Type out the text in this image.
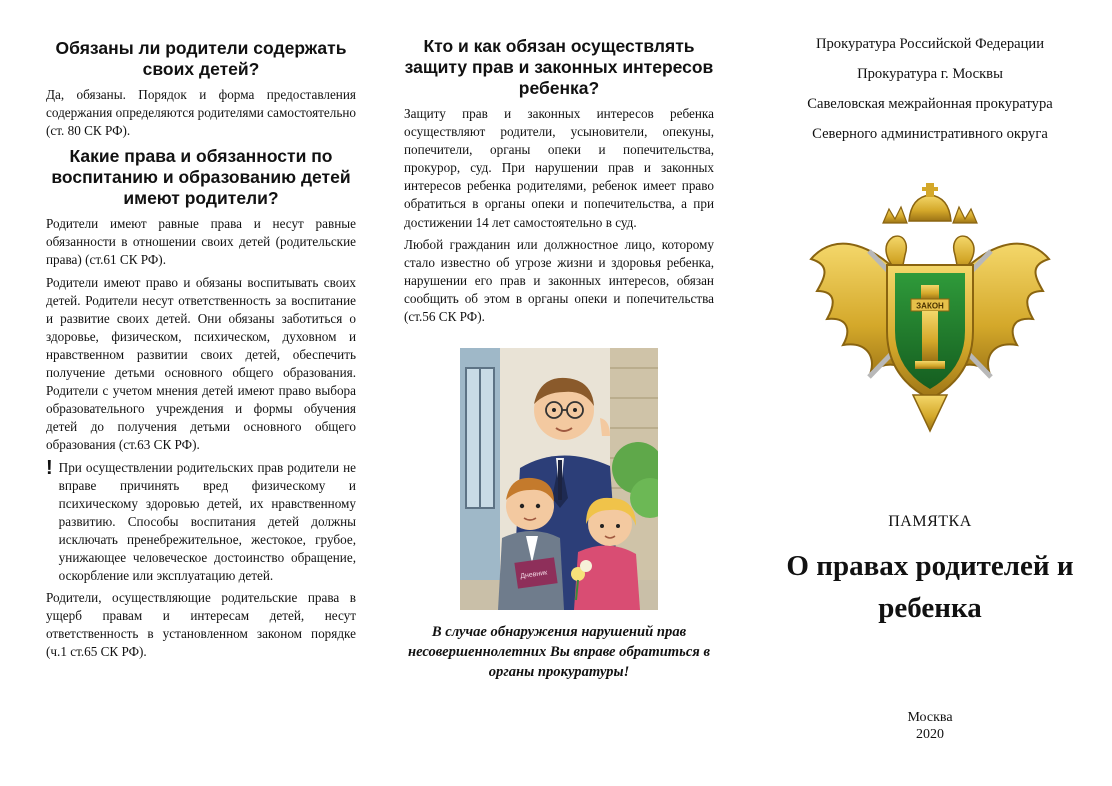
Обязаны ли родители содержать своих детей?

Да, обязаны. Порядок и форма предоставления содержания определяются родителями самостоятельно (ст. 80 СК РФ).

Какие права и обязанности по воспитанию и образованию детей имеют родители?

Родители имеют равные права и несут равные обязанности в отношении своих детей (родительские права) (ст.61 СК РФ).

Родители имеют право и обязаны воспитывать своих детей. Родители несут ответственность за воспитание и развитие своих детей. Они обязаны заботиться о здоровье, физическом, психическом, духовном и нравственном развитии своих детей, обеспечить получение детьми основного общего образования. Родители с учетом мнения детей имеют право выбора образовательного учреждения и формы обучения детей до получения детьми основного общего образования (ст.63 СК РФ).

! При осуществлении родительских прав родители не вправе причинять вред физическому и психическому здоровью детей, их нравственному развитию. Способы воспитания детей должны исключать пренебрежительное, жестокое, грубое, унижающее человеческое достоинство обращение, оскорбление или эксплуатацию детей.

Родители, осуществляющие родительские права в ущерб правам и интересам детей, несут ответственность в установленном законом порядке (ч.1 ст.65 СК РФ).

Кто и как обязан осуществлять защиту прав и законных интересов ребенка?

Защиту прав и законных интересов ребенка осуществляют родители, усыновители, опекуны, попечители, органы опеки и попечительства, прокурор, суд. При нарушении прав и законных интересов ребенка родителями, ребенок имеет право обратиться в органы опеки и попечительства, а при достижении 14 лет самостоятельно в суд.

Любой гражданин или должностное лицо, которому стало известно об угрозе жизни и здоровья ребенка, нарушении его прав и законных интересов, обязан сообщить об этом в органы опеки и попечительства (ст.56 СК РФ).

Дневник

В случае обнаружения нарушений прав несовершеннолетних Вы вправе обратиться в органы прокуратуры!

Прокуратура Российской Федерации

Прокуратура г. Москвы

Савеловская межрайонная прокуратура

Северного административного округа

ЗАКОН

ПАМЯТКА

О правах родителей и ребенка

Москва
2020
